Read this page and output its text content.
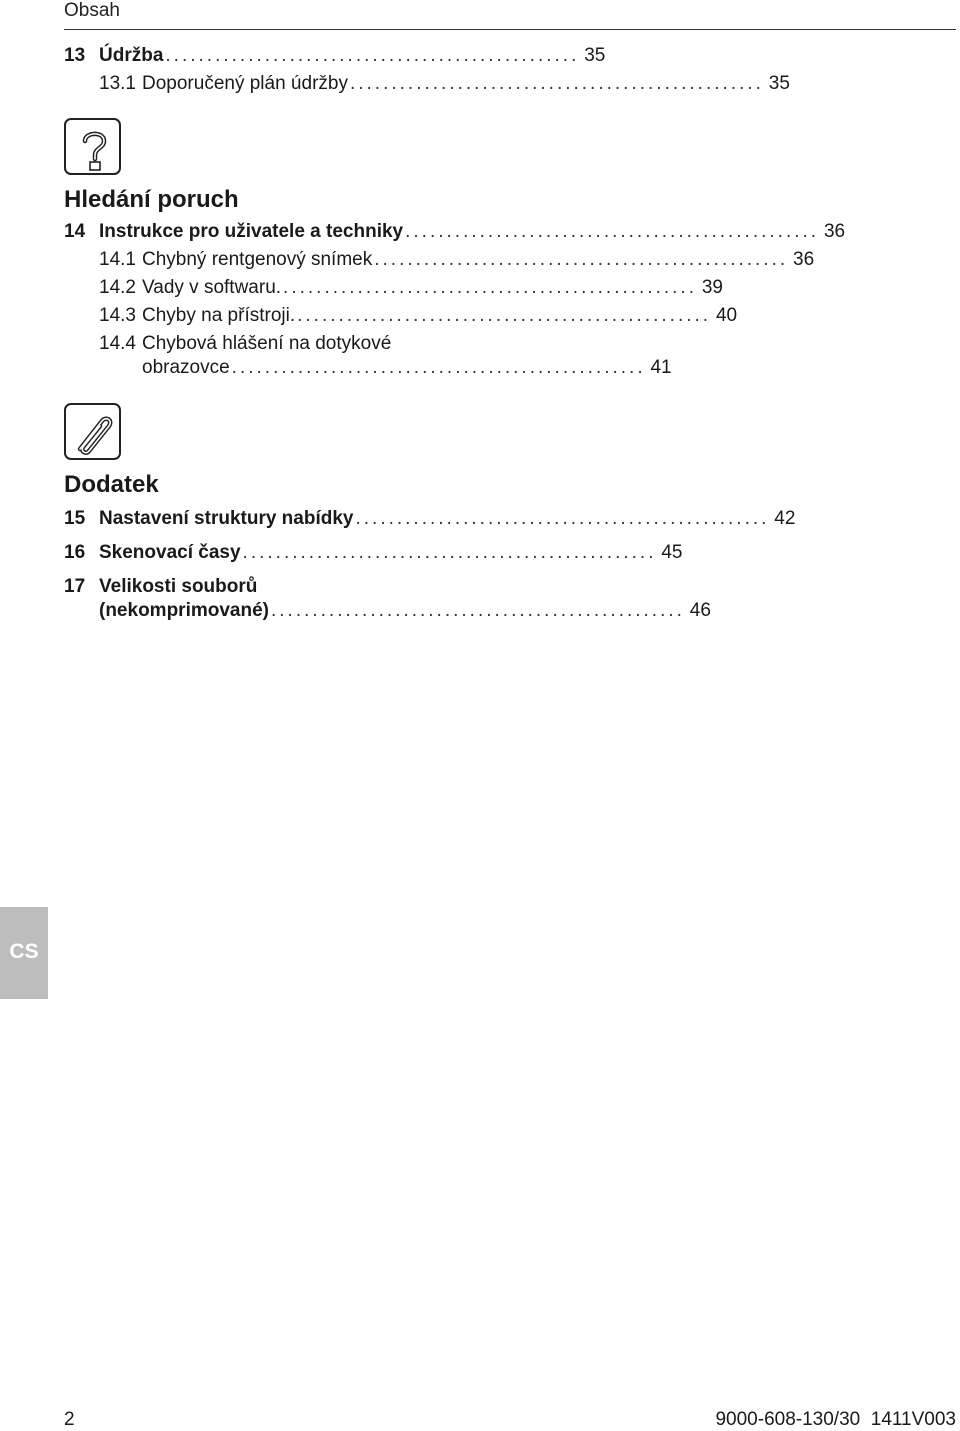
Obsah
13 Údržba .................................................. 35
13.1 Doporučený plán údržby .................................................. 35
Hledání poruch
14 Instrukce pro uživatele a techniky .................................................. 36
14.1 Chybný rentgenový snímek .................................................. 36
14.2 Vady v softwaru. .................................................. 39
14.3 Chyby na přístroji. .................................................. 40
14.4 Chybová hlášení na dotykové
obrazovce .................................................. 41
Dodatek
15 Nastavení struktury nabídky .................................................. 42
16 Skenovací časy .................................................. 45
17 Velikosti souborů
(nekomprimované) .................................................. 46
CS
2	9000-608-130/30  1411V003
